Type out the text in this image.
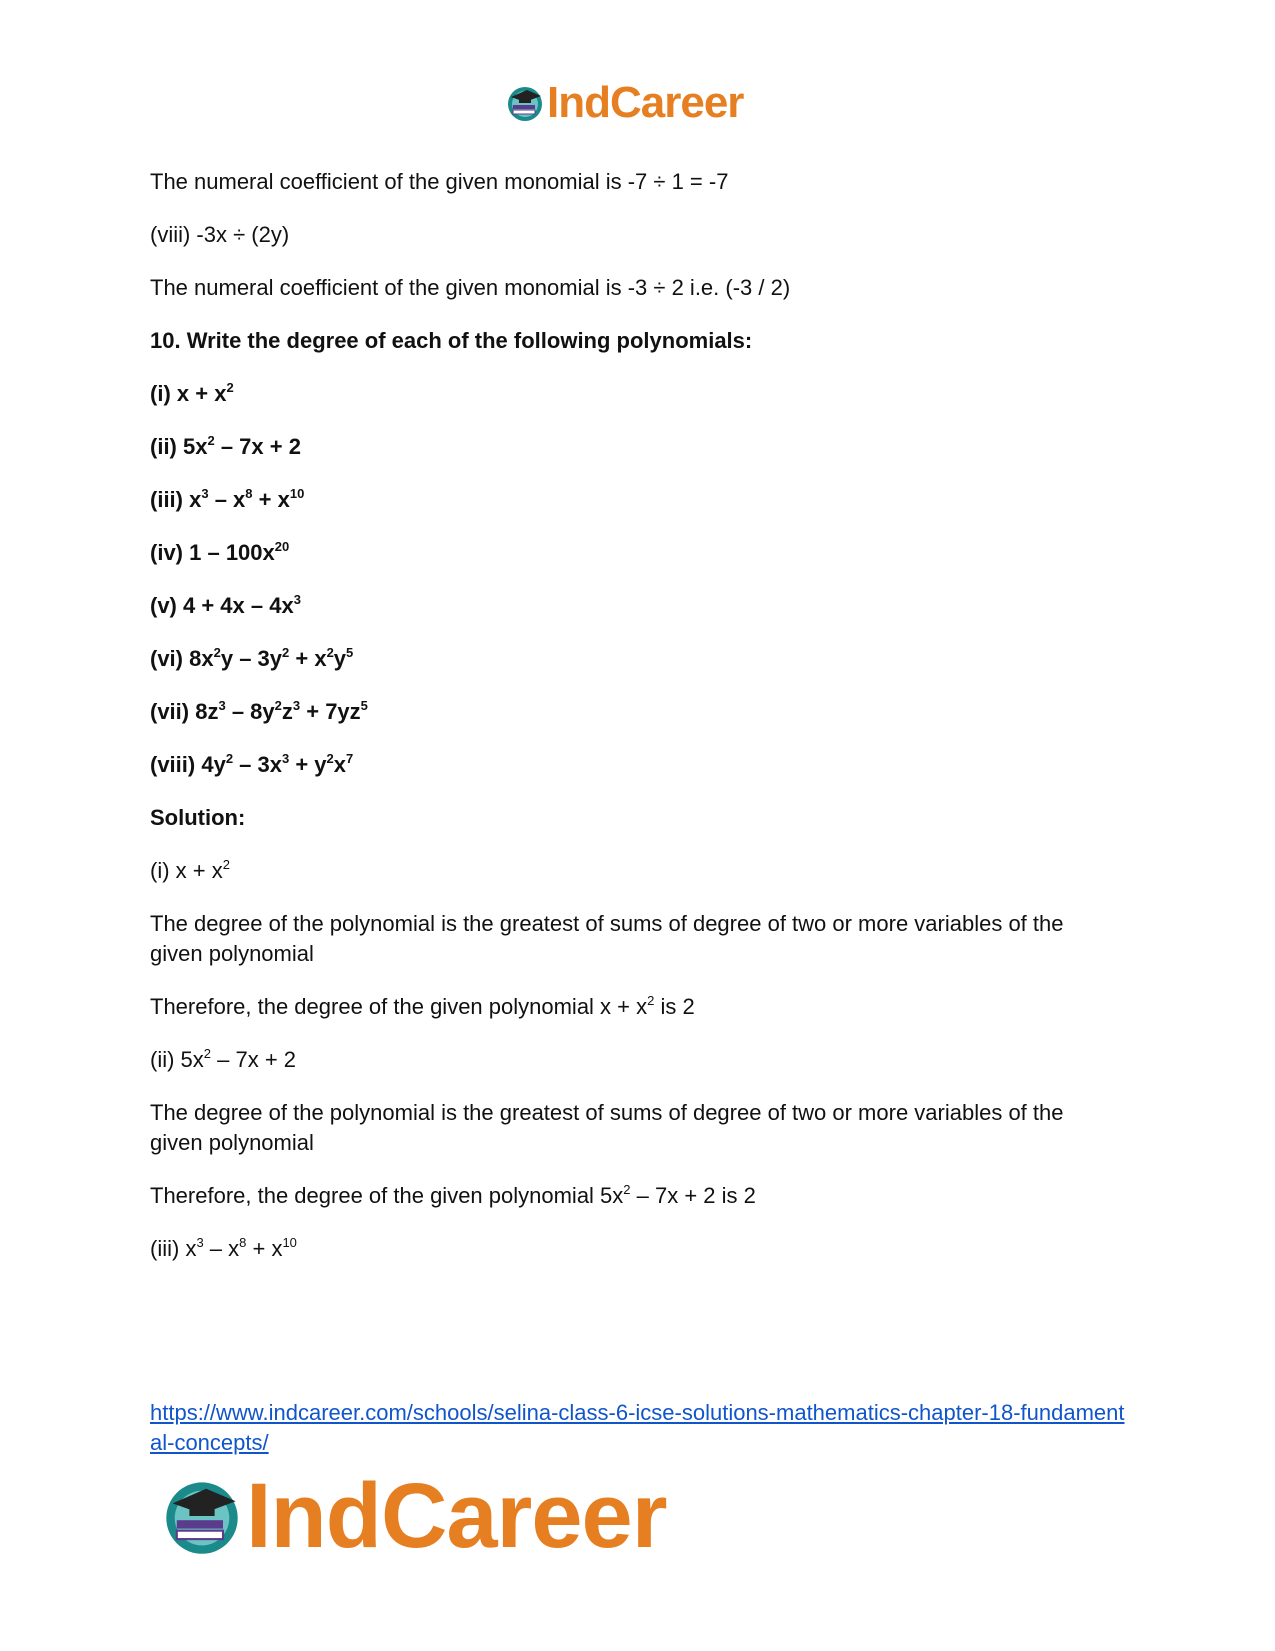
IndCareer
The numeral coefficient of the given monomial is -7 ÷ 1 = -7
(viii) -3x ÷ (2y)
The numeral coefficient of the given monomial is -3 ÷ 2 i.e. (-3 / 2)
10. Write the degree of each of the following polynomials:
(i) $x + x^2$
(ii) $5x^2 - 7x + 2$
(iii) $x^3 - x^8 + x^{10}$
(iv) $1 - 100x^{20}$
(v) $4 + 4x - 4x^3$
(vi) $8x^2y - 3y^2 + x^2y^5$
(vii) $8z^3 - 8y^2z^3 + 7yz^5$
(viii) $4y^2 - 3x^3 + y^2x^7$
Solution:
(i) $x + x^2$
The degree of the polynomial is the greatest of sums of degree of two or more variables of the given polynomial
Therefore, the degree of the given polynomial $x + x^2$ is 2
(ii) $5x^2 - 7x + 2$
The degree of the polynomial is the greatest of sums of degree of two or more variables of the given polynomial
Therefore, the degree of the given polynomial $5x^2 - 7x + 2$ is 2
(iii) $x^3 - x^8 + x^{10}$
https://www.indcareer.com/schools/selina-class-6-icse-solutions-mathematics-chapter-18-fundamental-concepts/
IndCareer
